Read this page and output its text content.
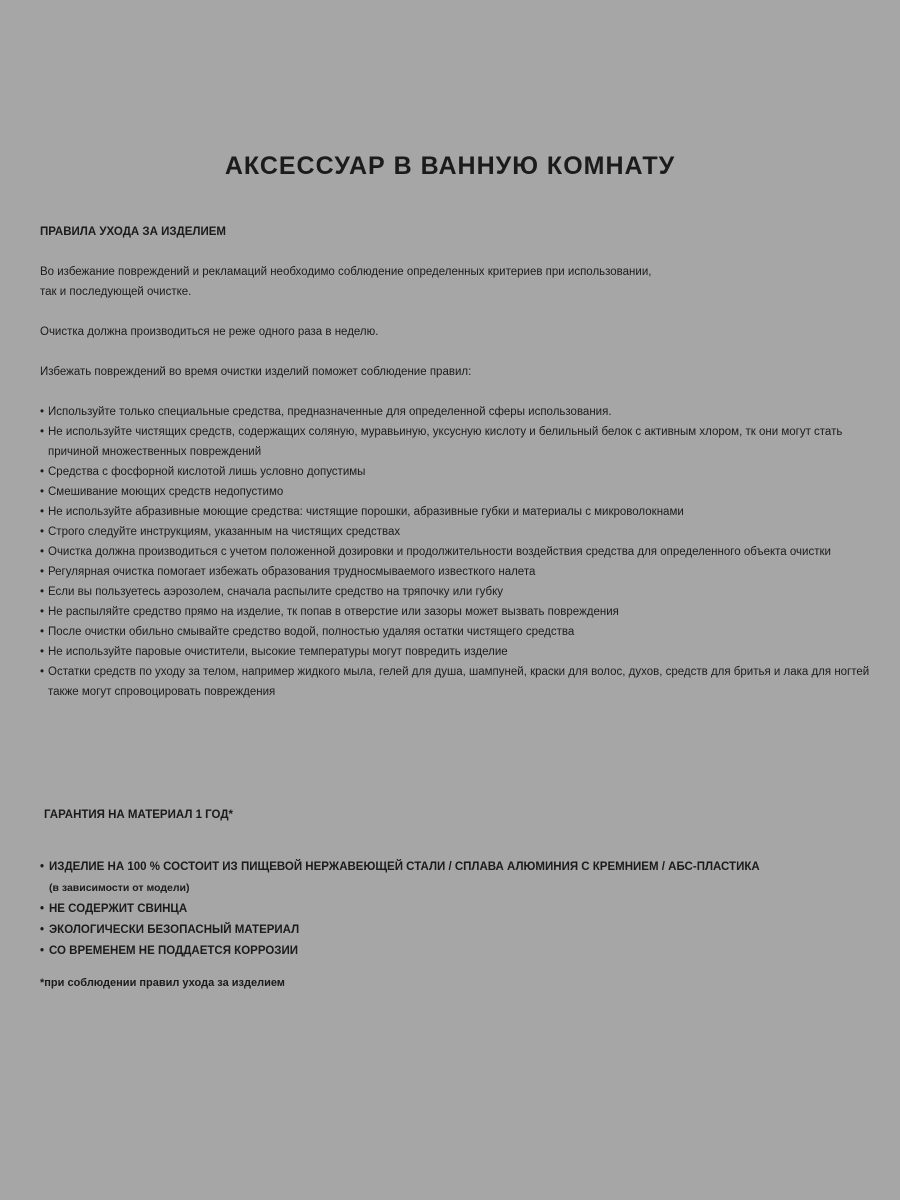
АКСЕССУАР В ВАННУЮ КОМНАТУ

ПРАВИЛА УХОДА ЗА ИЗДЕЛИЕМ

Во избежание повреждений и рекламаций необходимо соблюдение определенных критериев при использовании,

так и последующей очистке.

Очистка должна производиться не реже одного раза в неделю.

Избежать повреждений во время очистки изделий поможет соблюдение правил:

• Используйте только специальные средства, предназначенные для определенной сферы использования.
• Не используйте чистящих средств, содержащих соляную, муравьиную, уксусную кислоту и белильный белок с активным хлором, тк они могут стать причиной множественных повреждений
• Средства с фосфорной кислотой лишь условно допустимы
• Смешивание моющих средств недопустимо
• Не используйте абразивные моющие средства: чистящие порошки, абразивные губки и материалы с микроволокнами
• Строго следуйте инструкциям, указанным на чистящих средствах
• Очистка должна производиться с учетом положенной дозировки и продолжительности воздействия средства для определенного объекта очистки
• Регулярная очистка помогает избежать образования трудносмываемого известкого налета
• Если вы пользуетесь аэрозолем, сначала распылите средство на тряпочку или губку
• Не распыляйте средство прямо на изделие, тк попав в отверстие или зазоры может вызвать повреждения
• После очистки обильно смывайте средство водой, полностью удаляя остатки чистящего средства
• Не используйте паровые очистители, высокие температуры могут повредить изделие
• Остатки средств по уходу за телом, например жидкого мыла, гелей для душа, шампуней, краски для волос, духов, средств для бритья и лака для ногтей также могут спровоцировать повреждения

ГАРАНТИЯ НА МАТЕРИАЛ 1 ГОД*

• ИЗДЕЛИЕ НА 100 % СОСТОИТ ИЗ ПИЩЕВОЙ НЕРЖАВЕЮЩЕЙ СТАЛИ / СПЛАВА АЛЮМИНИЯ С КРЕМНИЕМ / АБС-ПЛАСТИКА
(в зависимости от модели)
• НЕ СОДЕРЖИТ СВИНЦА
• ЭКОЛОГИЧЕСКИ БЕЗОПАСНЫЙ МАТЕРИАЛ
• СО ВРЕМЕНЕМ НЕ ПОДДАЕТСЯ КОРРОЗИИ

*при соблюдении правил ухода за изделием
